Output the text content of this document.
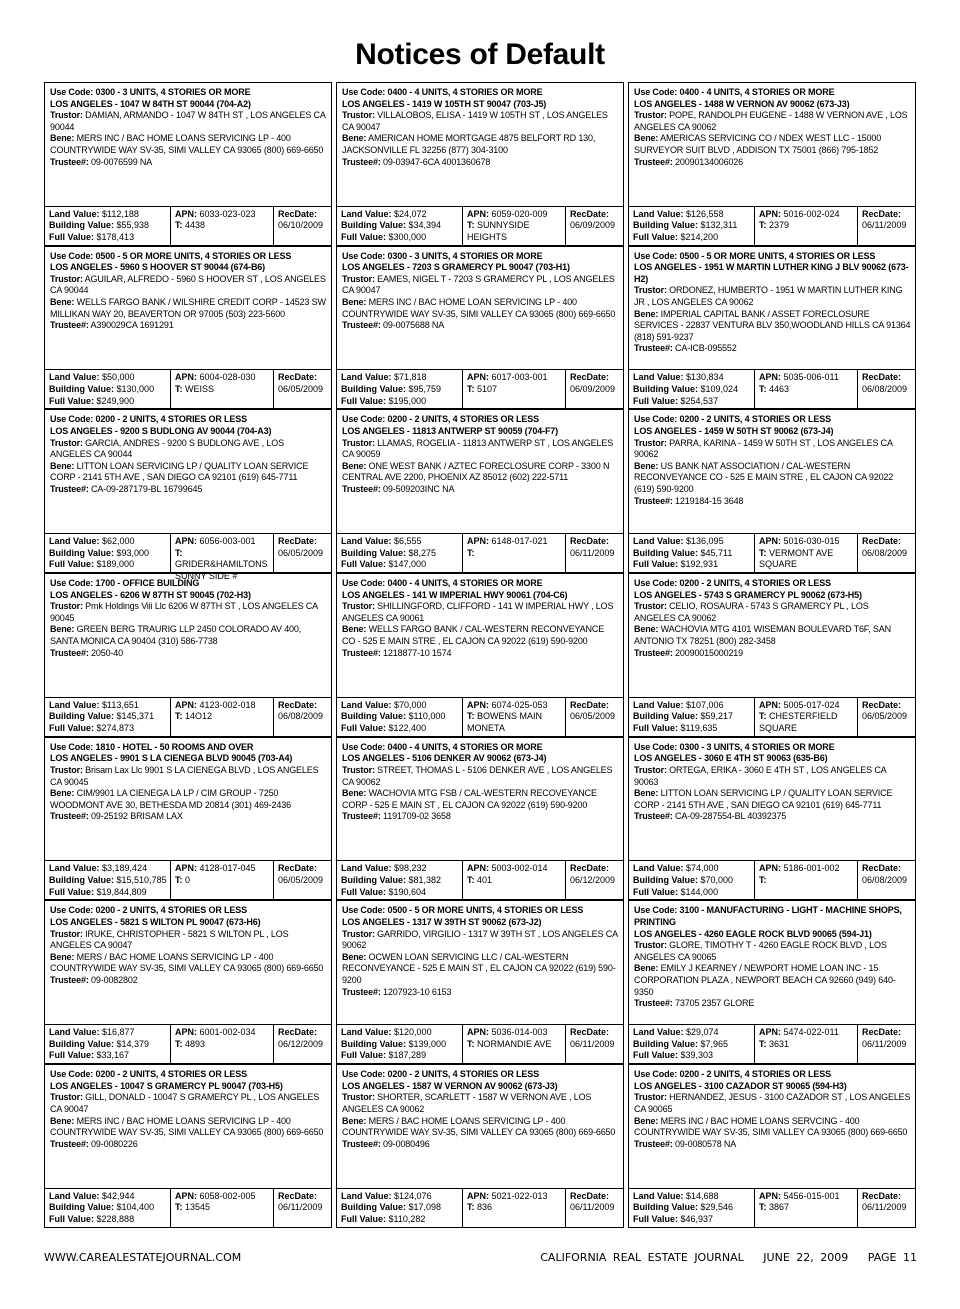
Notices of Default
Use Code: 0300 - 3 UNITS, 4 STORIES OR MORE
LOS ANGELES - 1047 W 84TH ST 90044 (704-A2)
Trustor: DAMIAN, ARMANDO - 1047 W 84TH ST , LOS ANGELES CA 90044
Bene: MERS INC / BAC HOME LOANS SERVICING LP - 400 COUNTRYWIDE WAY SV-35, SIMI VALLEY CA 93065 (800) 669-6650
Trustee#: 09-0076599 NA
Land Value: $112,188
Building Value: $55,938
Full Value: $178,413
APN: 6033-023-023
T: 4438
RecDate:
06/10/2009
Use Code: 0400 - 4 UNITS, 4 STORIES OR MORE
LOS ANGELES - 1419 W 105TH ST 90047 (703-J5)
Trustor: VILLALOBOS, ELISA - 1419 W 105TH ST , LOS ANGELES CA 90047
Bene: AMERICAN HOME MORTGAGE 4875 BELFORT RD 130, JACKSONVILLE FL 32256 (877) 304-3100
Trustee#: 09-03947-6CA 4001360678
Land Value: $24,072
Building Value: $34,394
Full Value: $300,000
APN: 6059-020-009
T: SUNNYSIDE HEIGHTS
RecDate:
06/09/2009
Use Code: 0400 - 4 UNITS, 4 STORIES OR MORE
LOS ANGELES - 1488 W VERNON AV 90062 (673-J3)
Trustor: POPE, RANDOLPH EUGENE - 1488 W VERNON AVE , LOS ANGELES CA 90062
Bene: AMERICAS SERVICING CO / NDEX WEST LLC - 15000 SURVEYOR SUIT BLVD , ADDISON TX 75001 (866) 795-1852
Trustee#: 20090134006026
Land Value: $126,558
Building Value: $132,311
Full Value: $214,200
APN: 5016-002-024
T: 2379
RecDate:
06/11/2009
Use Code: 0500 - 5 OR MORE UNITS, 4 STORIES OR LESS
LOS ANGELES - 5960 S HOOVER ST 90044 (674-B6)
Trustor: AGUILAR, ALFREDO - 5960 S HOOVER ST , LOS ANGELES CA 90044
Bene: WELLS FARGO BANK / WILSHIRE CREDIT CORP - 14523 SW MILLIKAN WAY 20, BEAVERTON OR 97005 (503) 223-5600
Trustee#: A390029CA 1691291
Land Value: $50,000
Building Value: $130,000
Full Value: $249,900
APN: 6004-028-030
T: WEISS
RecDate:
06/05/2009
Use Code: 0300 - 3 UNITS, 4 STORIES OR MORE
LOS ANGELES - 7203 S GRAMERCY PL 90047 (703-H1)
Trustor: EAMES, NIGEL T - 7203 S GRAMERCY PL , LOS ANGELES CA 90047
Bene: MERS INC / BAC HOME LOAN SERVICING LP - 400 COUNTRYWIDE WAY SV-35, SIMI VALLEY CA 93065 (800) 669-6650
Trustee#: 09-0075688 NA
Land Value: $71,818
Building Value: $95,759
Full Value: $195,000
APN: 6017-003-001
T: 5107
RecDate:
06/09/2009
Use Code: 0500 - 5 OR MORE UNITS, 4 STORIES OR LESS
LOS ANGELES - 1951 W MARTIN LUTHER KING J BLV 90062 (673-H2)
Trustor: ORDONEZ, HUMBERTO - 1951 W MARTIN LUTHER KING JR , LOS ANGELES CA 90062
Bene: IMPERIAL CAPITAL BANK / ASSET FORECLOSURE SERVICES - 22837 VENTURA BLV 350,WOODLAND HILLS CA 91364 (818) 591-9237
Trustee#: CA-ICB-095552
Land Value: $130,834
Building Value: $109,024
Full Value: $254,537
APN: 5035-006-011
T: 4463
RecDate:
06/08/2009
Use Code: 0200 - 2 UNITS, 4 STORIES OR LESS
LOS ANGELES - 9200 S BUDLONG AV 90044 (704-A3)
Trustor: GARCIA, ANDRES - 9200 S BUDLONG AVE , LOS ANGELES CA 90044
Bene: LITTON LOAN SERVICING LP / QUALITY LOAN SERVICE CORP - 2141 5TH AVE , SAN DIEGO CA 92101 (619) 645-7711
Trustee#: CA-09-287179-BL 16799645
Land Value: $62,000
Building Value: $93,000
Full Value: $189,000
APN: 6056-003-001
T: GRIDER&HAMILTONS SUNNY SIDE #
RecDate:
06/05/2009
Use Code: 0200 - 2 UNITS, 4 STORIES OR LESS
LOS ANGELES - 11813 ANTWERP ST 90059 (704-F7)
Trustor: LLAMAS, ROGELIA - 11813 ANTWERP ST , LOS ANGELES CA 90059
Bene: ONE WEST BANK / AZTEC FORECLOSURE CORP - 3300 N CENTRAL AVE 2200, PHOENIX AZ 85012 (602) 222-5711
Trustee#: 09-509203INC NA
Land Value: $6,555
Building Value: $8,275
Full Value: $147,000
APN: 6148-017-021
T:
RecDate:
06/11/2009
Use Code: 0200 - 2 UNITS, 4 STORIES OR LESS
LOS ANGELES - 1459 W 50TH ST 90062 (673-J4)
Trustor: PARRA, KARINA - 1459 W 50TH ST , LOS ANGELES CA 90062
Bene: US BANK NAT ASSOCIATION / CAL-WESTERN RECONVEYANCE CO - 525 E MAIN STRE , EL CAJON CA 92022 (619) 590-9200
Trustee#: 1219184-15 3648
Land Value: $136,095
Building Value: $45,711
Full Value: $192,931
APN: 5016-030-015
T: VERMONT AVE SQUARE
RecDate:
06/08/2009
Use Code: 1700 - OFFICE BUILDING
LOS ANGELES - 6206 W 87TH ST 90045 (702-H3)
Trustor: Pmk Holdings Viii Llc 6206 W 87TH ST , LOS ANGELES CA 90045
Bene: GREEN BERG TRAURIG LLP 2450 COLORADO AV 400, SANTA MONICA CA 90404 (310) 586-7738
Trustee#: 2050-40
Land Value: $113,651
Building Value: $145,371
Full Value: $274,873
APN: 4123-002-018
T: 14O12
RecDate:
06/08/2009
Use Code: 0400 - 4 UNITS, 4 STORIES OR MORE
LOS ANGELES - 141 W IMPERIAL HWY 90061 (704-C6)
Trustor: SHILLINGFORD, CLIFFORD - 141 W IMPERIAL HWY , LOS ANGELES CA 90061
Bene: WELLS FARGO BANK / CAL-WESTERN RECONVEYANCE CO - 525 E MAIN STRE , EL CAJON CA 92022 (619) 590-9200
Trustee#: 1218877-10 1574
Land Value: $70,000
Building Value: $110,000
Full Value: $122,400
APN: 6074-025-053
T: BOWENS MAIN MONETA
RecDate:
06/05/2009
Use Code: 0200 - 2 UNITS, 4 STORIES OR LESS
LOS ANGELES - 5743 S GRAMERCY PL 90062 (673-H5)
Trustor: CELIO, ROSAURA - 5743 S GRAMERCY PL , LOS ANGELES CA 90062
Bene: WACHOVIA MTG 4101 WISEMAN BOULEVARD T6F, SAN ANTONIO TX 78251 (800) 282-3458
Trustee#: 20090015000219
Land Value: $107,006
Building Value: $59,217
Full Value: $119,635
APN: 5005-017-024
T: CHESTERFIELD SQUARE
RecDate:
06/05/2009
Use Code: 1810 - HOTEL - 50 ROOMS AND OVER
LOS ANGELES - 9901 S LA CIENEGA BLVD 90045 (703-A4)
Trustor: Brisam Lax Llc 9901 S LA CIENEGA BLVD , LOS ANGELES CA 90045
Bene: CIM/9901 LA CIENEGA LA LP / CIM GROUP - 7250 WOODMONT AVE 30, BETHESDA MD 20814 (301) 469-2436
Trustee#: 09-25192 BRISAM LAX
Land Value: $3,189,424
Building Value: $15,510,785
Full Value: $19,844,809
APN: 4128-017-045
T: 0
RecDate:
06/05/2009
Use Code: 0400 - 4 UNITS, 4 STORIES OR MORE
LOS ANGELES - 5106 DENKER AV 90062 (673-J4)
Trustor: STREET, THOMAS L - 5106 DENKER AVE , LOS ANGELES CA 90062
Bene: WACHOVIA MTG FSB / CAL-WESTERN RECOVEYANCE CORP - 525 E MAIN ST , EL CAJON CA 92022 (619) 590-9200
Trustee#: 1191709-02 3658
Land Value: $98,232
Building Value: $81,382
Full Value: $190,604
APN: 5003-002-014
T: 401
RecDate:
06/12/2009
Use Code: 0300 - 3 UNITS, 4 STORIES OR MORE
LOS ANGELES - 3060 E 4TH ST 90063 (635-B6)
Trustor: ORTEGA, ERIKA - 3060 E 4TH ST , LOS ANGELES CA 90063
Bene: LITTON LOAN SERVICING LP / QUALITY LOAN SERVICE CORP - 2141 5TH AVE , SAN DIEGO CA 92101 (619) 645-7711
Trustee#: CA-09-287554-BL 40392375
Land Value: $74,000
Building Value: $70,000
Full Value: $144,000
APN: 5186-001-002
T:
RecDate:
06/08/2009
Use Code: 0200 - 2 UNITS, 4 STORIES OR LESS
LOS ANGELES - 5821 S WILTON PL 90047 (673-H6)
Trustor: IRUKE, CHRISTOPHER - 5821 S WILTON PL , LOS ANGELES CA 90047
Bene: MERS / BAC HOME LOANS SERVICING LP - 400 COUNTRYWIDE WAY SV-35, SIMI VALLEY CA 93065 (800) 669-6650
Trustee#: 09-0082802
Land Value: $16,877
Building Value: $14,379
Full Value: $33,167
APN: 6001-002-034
T: 4893
RecDate:
06/12/2009
Use Code: 0500 - 5 OR MORE UNITS, 4 STORIES OR LESS
LOS ANGELES - 1317 W 39TH ST 90062 (673-J2)
Trustor: GARRIDO, VIRGILIO - 1317 W 39TH ST , LOS ANGELES CA 90062
Bene: OCWEN LOAN SERVICING LLC / CAL-WESTERN RECONVEYANCE - 525 E MAIN ST , EL CAJON CA 92022 (619) 590-9200
Trustee#: 1207923-10 6153
Land Value: $120,000
Building Value: $139,000
Full Value: $187,289
APN: 5036-014-003
T: NORMANDIE AVE
RecDate:
06/11/2009
Use Code: 3100 - MANUFACTURING - LIGHT - MACHINE SHOPS, PRINTING
LOS ANGELES - 4260 EAGLE ROCK BLVD 90065 (594-J1)
Trustor: GLORE, TIMOTHY T - 4260 EAGLE ROCK BLVD , LOS ANGELES CA 90065
Bene: EMILY J KEARNEY / NEWPORT HOME LOAN INC - 15 CORPORATION PLAZA , NEWPORT BEACH CA 92660 (949) 640-9350
Trustee#: 73705 2357 GLORE
Land Value: $29,074
Building Value: $7,965
Full Value: $39,303
APN: 5474-022-011
T: 3631
RecDate:
06/11/2009
Use Code: 0200 - 2 UNITS, 4 STORIES OR LESS
LOS ANGELES - 10047 S GRAMERCY PL 90047 (703-H5)
Trustor: GILL, DONALD - 10047 S GRAMERCY PL , LOS ANGELES CA 90047
Bene: MERS INC / BAC HOME LOANS SERVICING LP - 400 COUNTRYWIDE WAY SV-35, SIMI VALLEY CA 93065 (800) 669-6650
Trustee#: 09-0080226
Land Value: $42,944
Building Value: $104,400
Full Value: $228,888
APN: 6058-002-005
T: 13545
RecDate:
06/11/2009
Use Code: 0200 - 2 UNITS, 4 STORIES OR LESS
LOS ANGELES - 1587 W VERNON AV 90062 (673-J3)
Trustor: SHORTER, SCARLETT - 1587 W VERNON AVE , LOS ANGELES CA 90062
Bene: MERS / BAC HOME LOANS SERVICING LP - 400 COUNTRYWIDE WAY SV-35, SIMI VALLEY CA 93065 (800) 669-6650
Trustee#: 09-0080496
Land Value: $124,076
Building Value: $17,098
Full Value: $110,282
APN: 5021-022-013
T: 836
RecDate:
06/11/2009
Use Code: 0200 - 2 UNITS, 4 STORIES OR LESS
LOS ANGELES - 3100 CAZADOR ST 90065 (594-H3)
Trustor: HERNANDEZ, JESUS - 3100 CAZADOR ST , LOS ANGELES CA 90065
Bene: MERS INC / BAC HOME LOANS SERVCING - 400 COUNTRYWIDE WAY SV-35, SIMI VALLEY CA 93065 (800) 669-6650
Trustee#: 09-0080578 NA
Land Value: $14,688
Building Value: $29,546
Full Value: $46,937
APN: 5456-015-001
T: 3867
RecDate:
06/11/2009
WWW.CAREALESTATEJOURNAL.COM	CALIFORNIA REAL ESTATE JOURNAL JUNE 22, 2009 PAGE 11
